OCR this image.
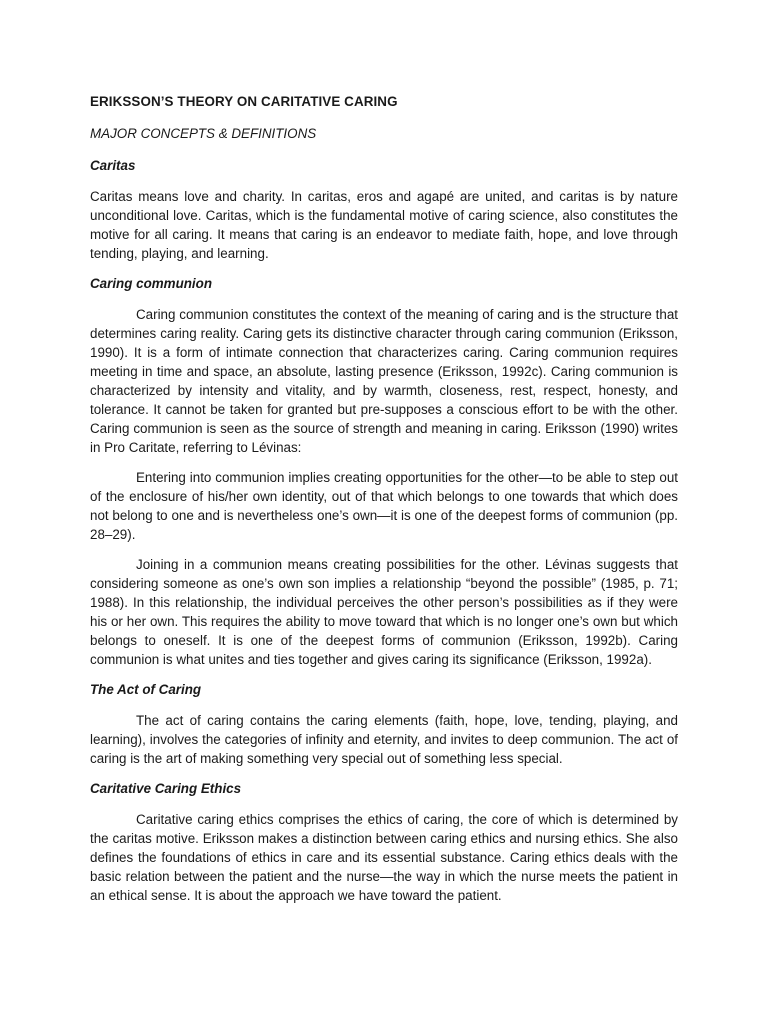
ERIKSSON’S THEORY ON CARITATIVE CARING
MAJOR CONCEPTS & DEFINITIONS
Caritas

Caritas means love and charity. In caritas, eros and agapé are united, and caritas is by nature unconditional love. Caritas, which is the fundamental motive of caring science, also constitutes the motive for all caring. It means that caring is an endeavor to mediate faith, hope, and love through tending, playing, and learning.

Caring communion

Caring communion constitutes the context of the meaning of caring and is the structure that determines caring reality. Caring gets its distinctive character through caring communion (Eriksson, 1990). It is a form of intimate connection that characterizes caring. Caring communion requires meeting in time and space, an absolute, lasting presence (Eriksson, 1992c). Caring communion is characterized by intensity and vitality, and by warmth, closeness, rest, respect, honesty, and tolerance. It cannot be taken for granted but pre-supposes a conscious effort to be with the other. Caring communion is seen as the source of strength and meaning in caring. Eriksson (1990) writes in Pro Caritate, referring to Lévinas:

Entering into communion implies creating opportunities for the other—to be able to step out of the enclosure of his/her own identity, out of that which belongs to one towards that which does not belong to one and is nevertheless one’s own—it is one of the deepest forms of communion (pp. 28–29).

Joining in a communion means creating possibilities for the other. Lévinas suggests that considering someone as one’s own son implies a relationship “beyond the possible” (1985, p. 71; 1988). In this relationship, the individual perceives the other person’s possibilities as if they were his or her own. This requires the ability to move toward that which is no longer one’s own but which belongs to oneself. It is one of the deepest forms of communion (Eriksson, 1992b). Caring communion is what unites and ties together and gives caring its significance (Eriksson, 1992a).

The Act of Caring

The act of caring contains the caring elements (faith, hope, love, tending, playing, and learning), involves the categories of infinity and eternity, and invites to deep communion. The act of caring is the art of making something very special out of something less special.

Caritative Caring Ethics

Caritative caring ethics comprises the ethics of caring, the core of which is determined by the caritas motive. Eriksson makes a distinction between caring ethics and nursing ethics. She also defines the foundations of ethics in care and its essential substance. Caring ethics deals with the basic relation between the patient and the nurse—the way in which the nurse meets the patient in an ethical sense. It is about the approach we have toward the patient.
